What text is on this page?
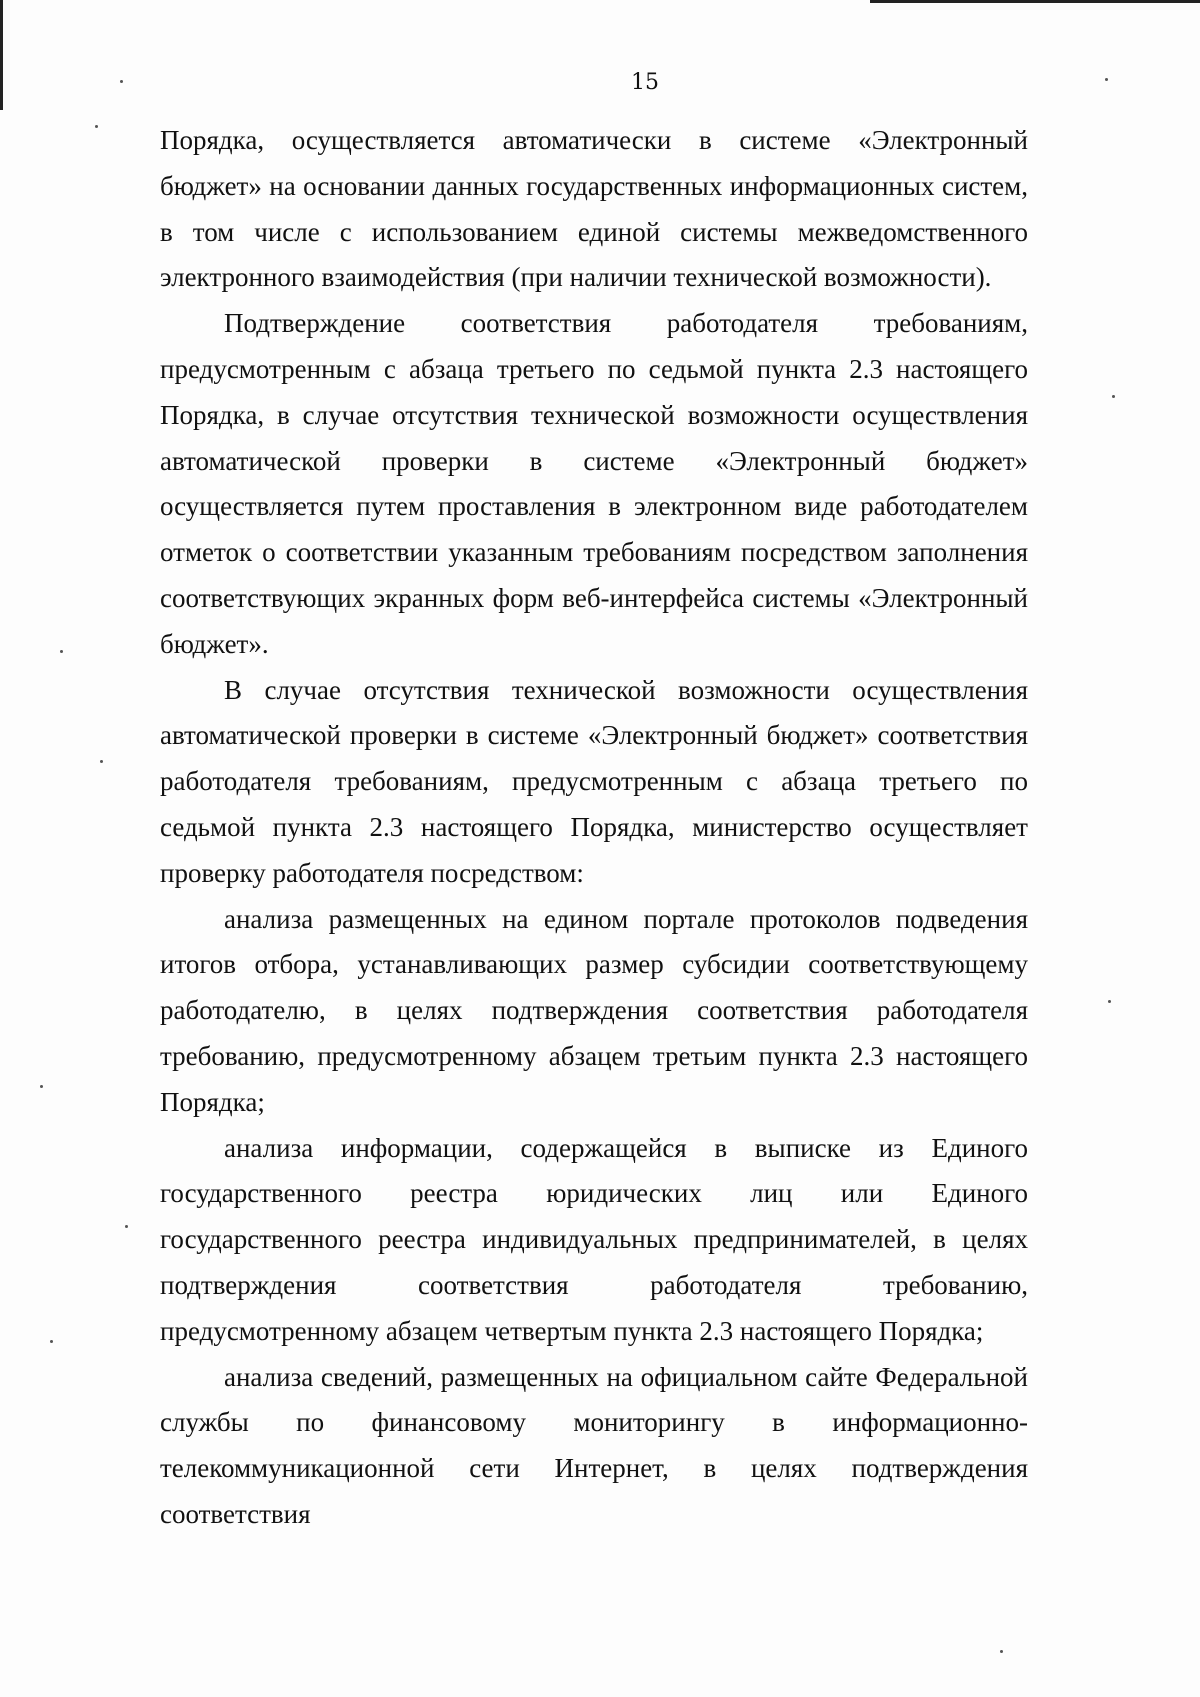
15

Порядка, осуществляется автоматически в системе «Электронный бюджет» на основании данных государственных информационных систем, в том числе с использованием единой системы межведомственного электронного взаимодействия (при наличии технической возможности).

Подтверждение соответствия работодателя требованиям, предусмотренным с абзаца третьего по седьмой пункта 2.3 настоящего Порядка, в случае отсутствия технической возможности осуществления автоматической проверки в системе «Электронный бюджет» осуществляется путем проставления в электронном виде работодателем отметок о соответствии указанным требованиям посредством заполнения соответствующих экранных форм веб-интерфейса системы «Электронный бюджет».

В случае отсутствия технической возможности осуществления автоматической проверки в системе «Электронный бюджет» соответствия работодателя требованиям, предусмотренным с абзаца третьего по седьмой пункта 2.3 настоящего Порядка, министерство осуществляет проверку работодателя посредством:

анализа размещенных на едином портале протоколов подведения итогов отбора, устанавливающих размер субсидии соответствующему работодателю, в целях подтверждения соответствия работодателя требованию, предусмотренному абзацем третьим пункта 2.3 настоящего Порядка;

анализа информации, содержащейся в выписке из Единого государственного реестра юридических лиц или Единого государственного реестра индивидуальных предпринимателей, в целях подтверждения соответствия работодателя требованию, предусмотренному абзацем четвертым пункта 2.3 настоящего Порядка;

анализа сведений, размещенных на официальном сайте Федеральной службы по финансовому мониторингу в информационно-телекоммуникационной сети Интернет, в целях подтверждения соответствия
